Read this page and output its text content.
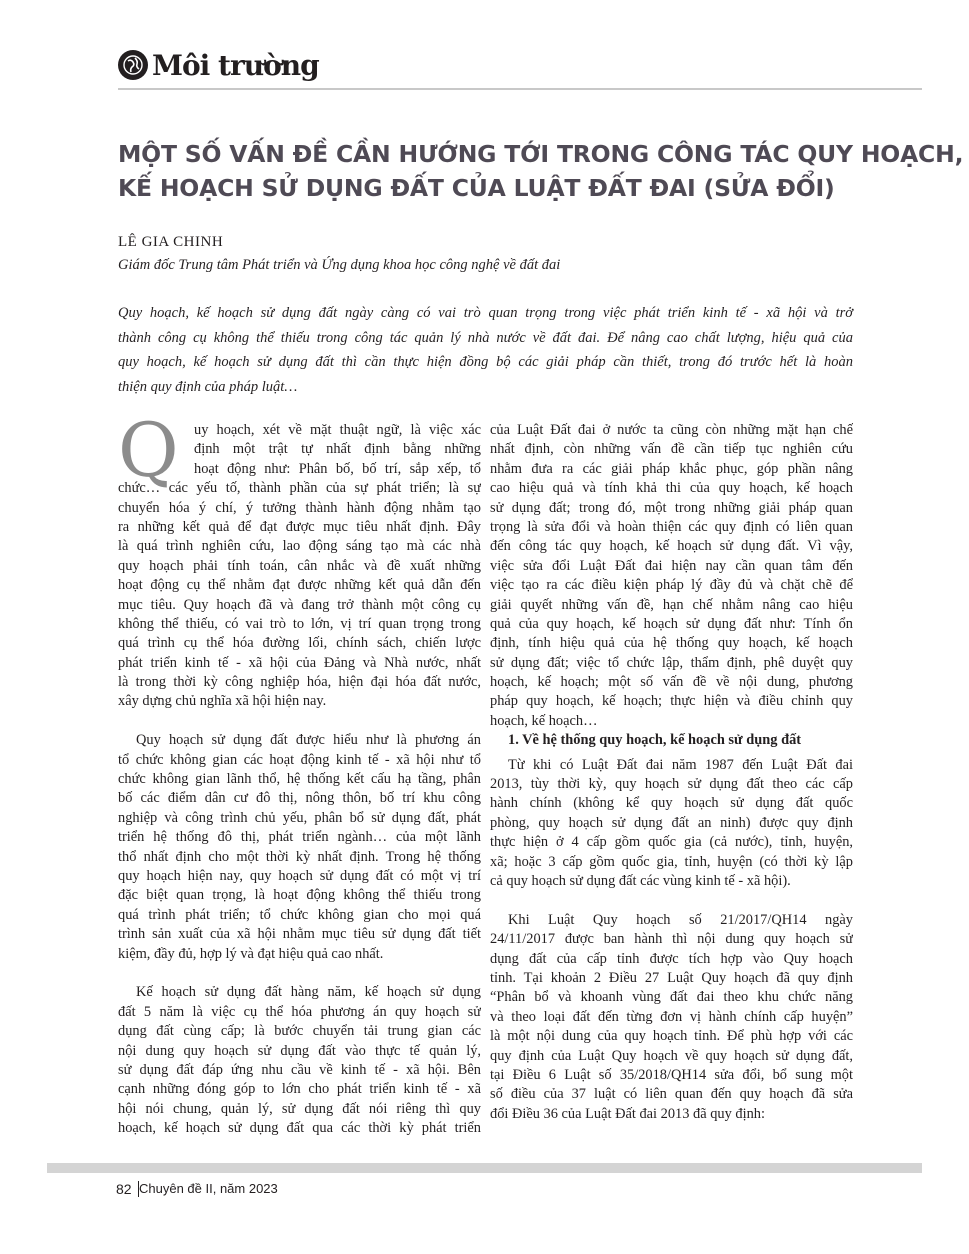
Môi trường
MỘT SỐ VẤN ĐỀ CẦN HƯỚNG TỚI TRONG CÔNG TÁC QUY HOẠCH,
KẾ HOẠCH SỬ DỤNG ĐẤT CỦA LUẬT ĐẤT ĐAI (SỬA ĐỔI)
LÊ GIA CHINH
Giám đốc Trung tâm Phát triển và Ứng dụng khoa học công nghệ về đất đai
Quy hoạch, kế hoạch sử dụng đất ngày càng có vai trò quan trọng trong việc phát triển kinh tế - xã hội và trở
thành công cụ không thể thiếu trong công tác quản lý nhà nước về đất đai. Để nâng cao chất lượng, hiệu quả của
quy hoạch, kế hoạch sử dụng đất thì cần thực hiện đồng bộ các giải pháp cần thiết, trong đó trước hết là hoàn
thiện quy định của pháp luật…
Q	uy hoạch, xét về mặt thuật ngữ, là việc xác
định một trật tự nhất định bằng những
hoạt động như: Phân bố, bố trí, sắp xếp, tổ
chức… các yếu tố, thành phần của sự phát triển; là sự
chuyển hóa ý chí, ý tưởng thành hành động nhằm tạo
ra những kết quả để đạt được mục tiêu nhất định. Đây
là quá trình nghiên cứu, lao động sáng tạo mà các nhà
quy hoạch phải tính toán, cân nhắc và đề xuất những
hoạt động cụ thể nhằm đạt được những kết quả dẫn đến
mục tiêu. Quy hoạch đã và đang trở thành một công cụ
không thể thiếu, có vai trò to lớn, vị trí quan trọng trong
quá trình cụ thể hóa đường lối, chính sách, chiến lược
phát triển kinh tế - xã hội của Đảng và Nhà nước, nhất
là trong thời kỳ công nghiệp hóa, hiện đại hóa đất nước,
xây dựng chủ nghĩa xã hội hiện nay.
Quy hoạch sử dụng đất được hiểu như là phương án
tổ chức không gian các hoạt động kinh tế - xã hội như tổ
chức không gian lãnh thổ, hệ thống kết cấu hạ tầng, phân
bố các điểm dân cư đô thị, nông thôn, bố trí khu công
nghiệp và công trình chủ yếu, phân bổ sử dụng đất, phát
triển hệ thống đô thị, phát triển ngành… của một lãnh
thổ nhất định cho một thời kỳ nhất định. Trong hệ thống
quy hoạch hiện nay, quy hoạch sử dụng đất có một vị trí
đặc biệt quan trọng, là hoạt động không thể thiếu trong
quá trình phát triển; tổ chức không gian cho mọi quá
trình sản xuất của xã hội nhằm mục tiêu sử dụng đất tiết
kiệm, đầy đủ, hợp lý và đạt hiệu quả cao nhất.
Kế hoạch sử dụng đất hàng năm, kế hoạch sử dụng
đất 5 năm là việc cụ thể hóa phương án quy hoạch sử
dụng đất cùng cấp; là bước chuyển tải trung gian các
nội dung quy hoạch sử dụng đất vào thực tế quản lý,
sử dụng đất đáp ứng nhu cầu về kinh tế - xã hội. Bên
cạnh những đóng góp to lớn cho phát triển kinh tế - xã
hội nói chung, quản lý, sử dụng đất nói riêng thì quy
hoạch, kế hoạch sử dụng đất qua các thời kỳ phát triển
của Luật Đất đai ở nước ta cũng còn những mặt hạn chế
nhất định, còn những vấn đề cần tiếp tục nghiên cứu
nhằm đưa ra các giải pháp khắc phục, góp phần nâng
cao hiệu quả và tính khả thi của quy hoạch, kế hoạch
sử dụng đất; trong đó, một trong những giải pháp quan
trọng là sửa đổi và hoàn thiện các quy định có liên quan
đến công tác quy hoạch, kế hoạch sử dụng đất. Vì vậy,
việc sửa đổi Luật Đất đai hiện nay cần quan tâm đến
việc tạo ra các điều kiện pháp lý đầy đủ và chặt chẽ để
giải quyết những vấn đề, hạn chế nhằm nâng cao hiệu
quả của quy hoạch, kế hoạch sử dụng đất như: Tính ổn
định, tính hiệu quả của hệ thống quy hoạch, kế hoạch
sử dụng đất; việc tổ chức lập, thẩm định, phê duyệt quy
hoạch, kế hoạch; một số vấn đề về nội dung, phương
pháp quy hoạch, kế hoạch; thực hiện và điều chỉnh quy
hoạch, kế hoạch…
1. Về hệ thống quy hoạch, kế hoạch sử dụng đất
Từ khi có Luật Đất đai năm 1987 đến Luật Đất đai
2013, tùy thời kỳ, quy hoạch sử dụng đất theo các cấp
hành chính (không kể quy hoạch sử dụng đất quốc
phòng, quy hoạch sử dụng đất an ninh) được quy định
thực hiện ở 4 cấp gồm quốc gia (cả nước), tỉnh, huyện,
xã; hoặc 3 cấp gồm quốc gia, tỉnh, huyện (có thời kỳ lập
cả quy hoạch sử dụng đất các vùng kinh tế - xã hội).
Khi Luật Quy hoạch số 21/2017/QH14 ngày
24/11/2017 được ban hành thì nội dung quy hoạch sử
dụng đất của cấp tỉnh được tích hợp vào Quy hoạch
tỉnh. Tại khoản 2 Điều 27 Luật Quy hoạch đã quy định
“Phân bổ và khoanh vùng đất đai theo khu chức năng
và theo loại đất đến từng đơn vị hành chính cấp huyện”
là một nội dung của quy hoạch tỉnh. Để phù hợp với các
quy định của Luật Quy hoạch về quy hoạch sử dụng đất,
tại Điều 6 Luật số 35/2018/QH14 sửa đổi, bổ sung một
số điều của 37 luật có liên quan đến quy hoạch đã sửa
đổi Điều 36 của Luật Đất đai 2013 đã quy định:
82 Chuyên đề II, năm 2023
